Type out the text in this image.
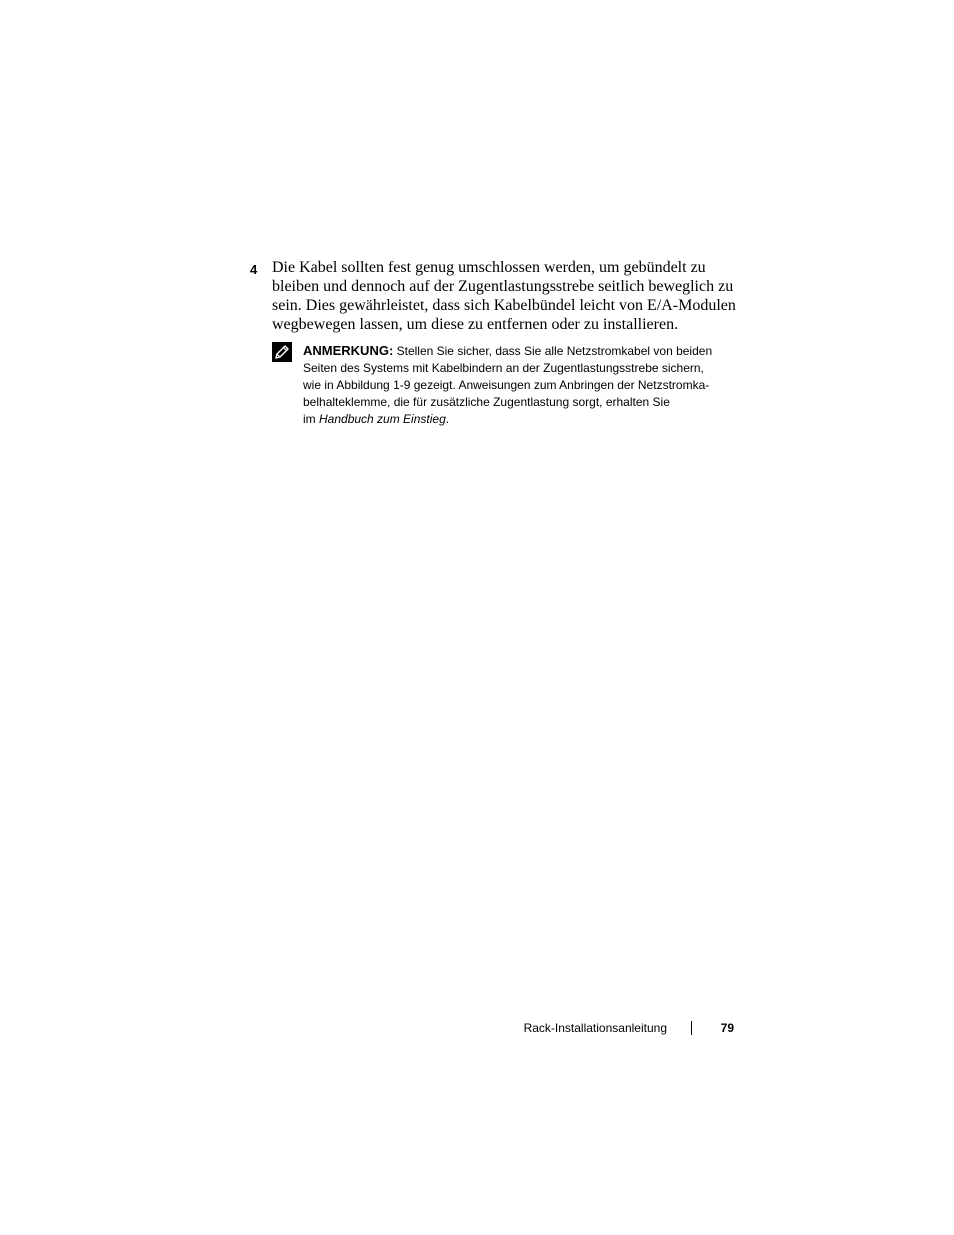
4 Die Kabel sollten fest genug umschlossen werden, um gebündelt zu
bleiben und dennoch auf der Zugentlastungsstrebe seitlich beweglich zu
sein. Dies gewährleistet, dass sich Kabelbündel leicht von E/A-Modulen
wegbewegen lassen, um diese zu entfernen oder zu installieren.
ANMERKUNG: Stellen Sie sicher, dass Sie alle Netzstromkabel von beiden
Seiten des Systems mit Kabelbindern an der Zugentlastungsstrebe sichern,
wie in Abbildung 1-9 gezeigt. Anweisungen zum Anbringen der Netzstromka-
belhalteklemme, die für zusätzliche Zugentlastung sorgt, erhalten Sie
im Handbuch zum Einstieg.
Rack-Installationsanleitung	79
